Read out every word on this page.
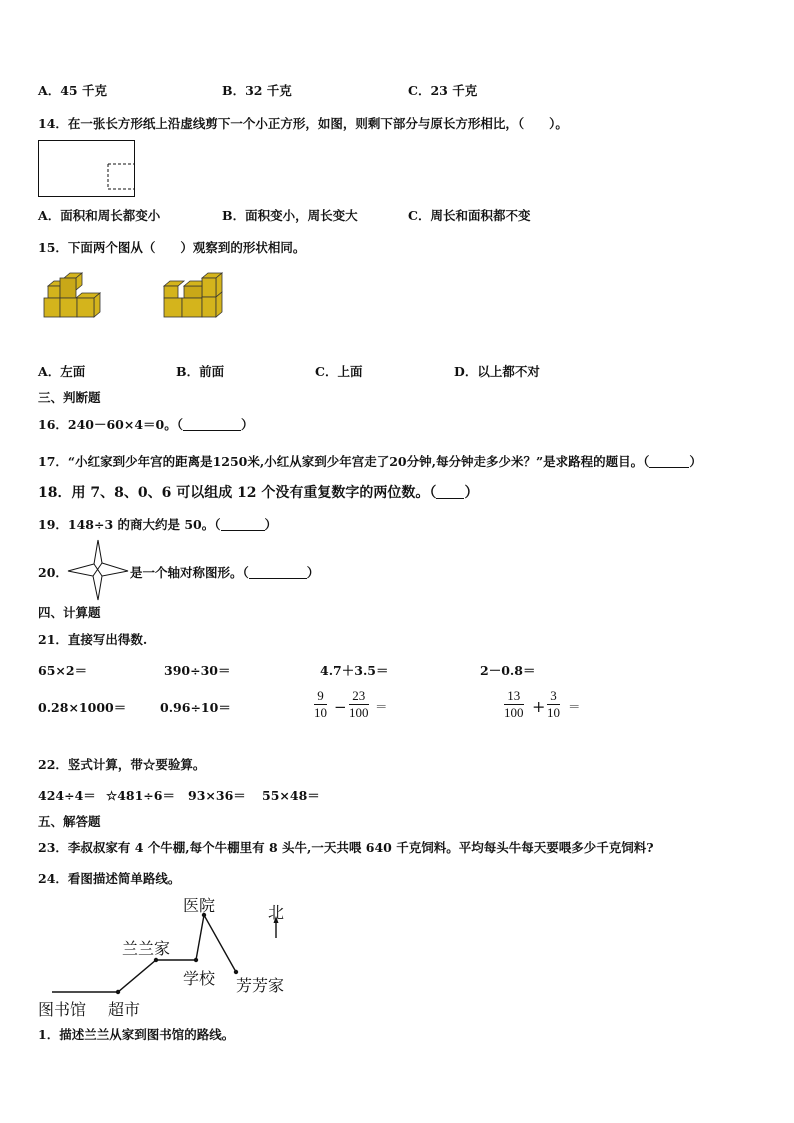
A．45 千克	B．32 千克	C．23 千克
14．在一张长方形纸上沿虚线剪下一个小正方形，如图，则剩下部分与原长方形相比，（　　）。
A．面积和周长都变小	B．面积变小，周长变大	C．周长和面积都不变
15．下面两个图从（　　）观察到的形状相同。
A．左面	B．前面	C．上面	D．以上都不对
三、判断题
16．240－60×4＝0。（	）
17．“小红家到少年宫的距离是1250米,小红从家到少年宫走了20分钟,每分钟走多少米？”是求路程的题目。（	）
18．用 7、8、0、6 可以组成 12 个没有重复数字的两位数。（ ）
19．148÷3 的商大约是 50。（	）
20．	是一个轴对称图形。（	）
四、计算题
21．直接写出得数.
65×2＝	390÷30＝	4.7＋3.5＝	2－0.8＝
0.28×1000＝	0.96÷10＝	$\frac{9}{10} - \frac{23}{100}$ ＝	$\frac{13}{100} + \frac{3}{10}$ ＝
22．竖式计算，带☆要验算。
424÷4＝ ☆481÷6＝ 93×36＝ 55×48＝
五、解答题
23．李叔叔家有 4 个牛棚,每个牛棚里有 8 头牛,一天共喂 640 千克饲料。平均每头牛每天要喂多少千克饲料?
24．看图描述简单路线。
医院	北
兰兰家
学校 芳芳家
图书馆 超市
1．描述兰兰从家到图书馆的路线。
